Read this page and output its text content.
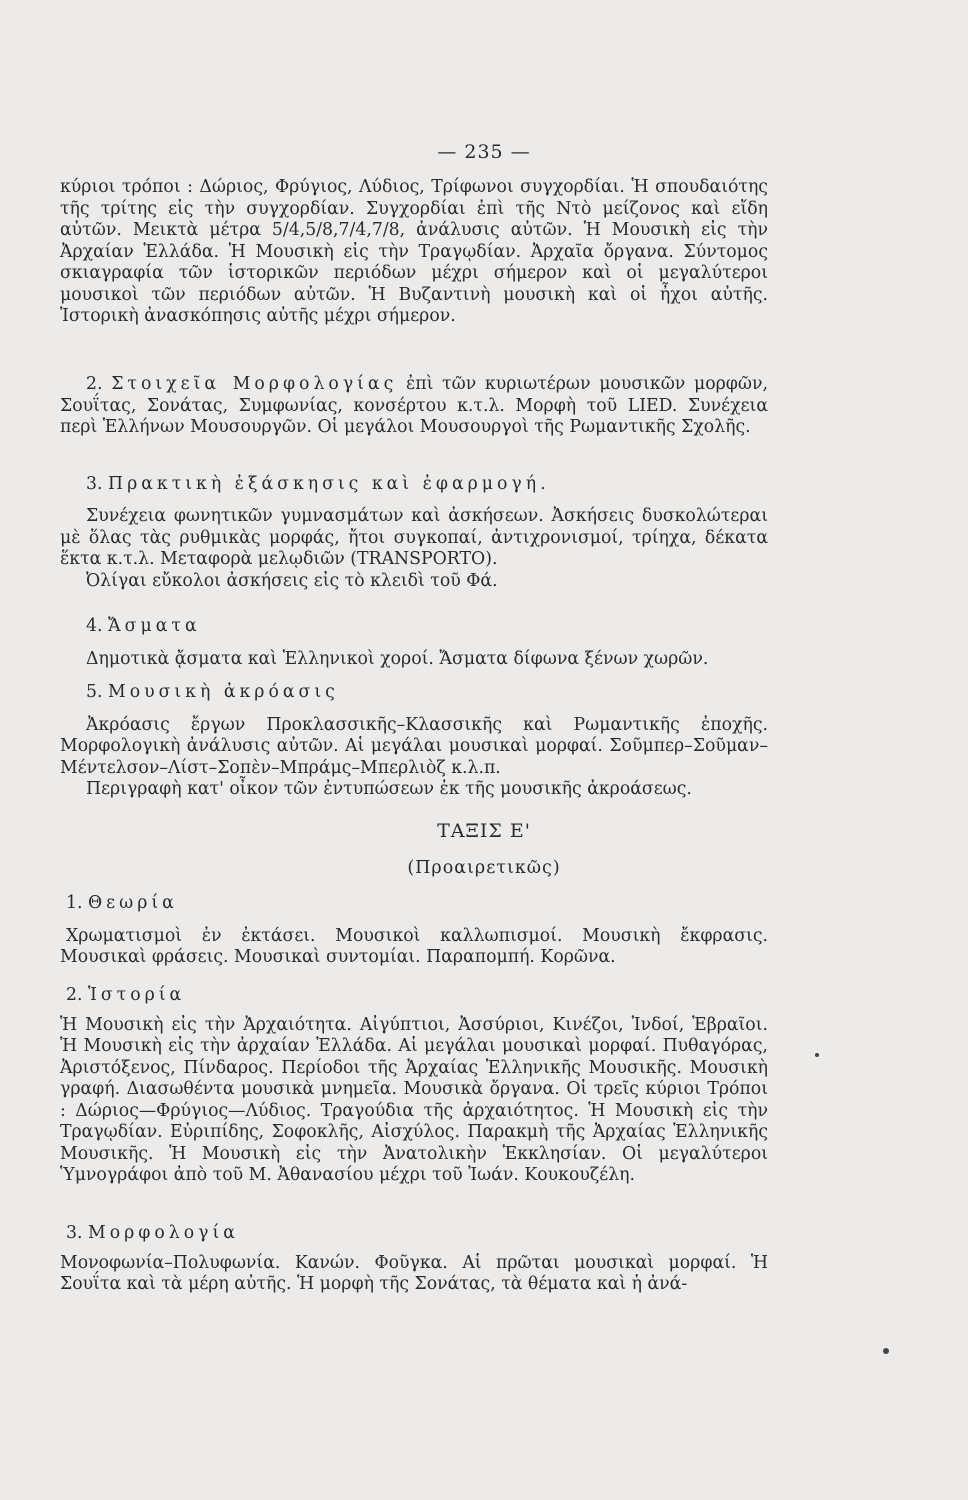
— 235 —

κύριοι τρόποι : Δώριος, Φρύγιος, Λύδιος, Τρίφωνοι συγχορδίαι. Ἡ σπουδαιότης τῆς τρίτης εἰς τὴν συγχορδίαν. Συγχορδίαι ἐπὶ τῆς Ντὸ μείζονος καὶ εἴδη αὐτῶν. Μεικτὰ μέτρα 5/4,5/8,7/4,7/8, ἀνάλυσις αὐτῶν. Ἡ Μουσικὴ εἰς τὴν Ἀρχαίαν Ἑλλάδα. Ἡ Μουσικὴ εἰς τὴν Τραγῳδίαν. Ἀρχαῖα ὄργανα. Σύντομος σκιαγραφία τῶν ἱστορικῶν περιόδων μέχρι σήμερον καὶ οἱ μεγαλύτεροι μουσικοὶ τῶν περιόδων αὐτῶν. Ἡ Βυζαντινὴ μουσικὴ καὶ οἱ ἦχοι αὐτῆς. Ἱστορικὴ ἀνασκόπησις αὐτῆς μέχρι σήμερον.

2. Στοιχεῖα Μορφολογίας ἐπὶ τῶν κυριωτέρων μουσικῶν μορφῶν, Σουΐτας, Σονάτας, Συμφωνίας, κονσέρτου κ.τ.λ. Μορφὴ τοῦ LIED. Συνέχεια περὶ Ἑλλήνων Μουσουργῶν. Οἱ μεγάλοι Μουσουργοὶ τῆς Ρωμαντικῆς Σχολῆς.

3. Πρακτικὴ ἐξάσκησις καὶ ἐφαρμογή.

Συνέχεια φωνητικῶν γυμνασμάτων καὶ ἀσκήσεων. Ἀσκήσεις δυσκολώτεραι μὲ ὅλας τὰς ρυθμικὰς μορφάς, ἤτοι συγκοπαί, ἀντιχρονισμοί, τρίηχα, δέκατα ἕκτα κ.τ.λ. Μεταφορὰ μελῳδιῶν (TRANSPORTO).

Ὀλίγαι εὔκολοι ἀσκήσεις εἰς τὸ κλειδὶ τοῦ Φά.

4. Ἄσματα

Δημοτικὰ ᾄσματα καὶ Ἑλληνικοὶ χοροί. Ἄσματα δίφωνα ξένων χωρῶν.

5. Μουσικὴ ἀκρόασις

Ἀκρόασις ἔργων Προκλασσικῆς–Κλασσικῆς καὶ Ρωμαντικῆς ἐποχῆς. Μορφολογικὴ ἀνάλυσις αὐτῶν. Αἱ μεγάλαι μουσικαὶ μορφαί. Σοῦμπερ–Σοῦμαν–Μέντελσον–Λίστ–Σοπὲν–Μπράμς–Μπερλιὸζ κ.λ.π.

Περιγραφὴ κατ' οἶκον τῶν ἐντυπώσεων ἐκ τῆς μουσικῆς ἀκροάσεως.

ΤΑΞΙΣ Ε'
(Προαιρετικῶς)

1. Θεωρία

Χρωματισμοὶ ἐν ἐκτάσει. Μουσικοὶ καλλωπισμοί. Μουσικὴ ἔκφρασις. Μουσικαὶ φράσεις. Μουσικαὶ συντομίαι. Παραπομπή. Κορῶνα.

2. Ἱστορία

Ἡ Μουσικὴ εἰς τὴν Ἀρχαιότητα. Αἰγύπτιοι, Ἀσσύριοι, Κινέζοι, Ἰνδοί, Ἑβραῖοι. Ἡ Μουσικὴ εἰς τὴν ἀρχαίαν Ἑλλάδα. Αἱ μεγάλαι μουσικαὶ μορφαί. Πυθαγόρας, Ἀριστόξενος, Πίνδαρος. Περίοδοι τῆς Ἀρχαίας Ἑλληνικῆς Μουσικῆς. Μουσικὴ γραφή. Διασωθέντα μουσικὰ μνημεῖα. Μουσικὰ ὄργανα. Οἱ τρεῖς κύριοι Τρόποι : Δώριος—Φρύγιος—Λύδιος. Τραγούδια τῆς ἀρχαιότητος. Ἡ Μουσικὴ εἰς τὴν Τραγῳδίαν. Εὐριπίδης, Σοφοκλῆς, Αἰσχύλος. Παρακμὴ τῆς Ἀρχαίας Ἑλληνικῆς Μουσικῆς. Ἡ Μουσικὴ εἰς τὴν Ἀνατολικὴν Ἐκκλησίαν. Οἱ μεγαλύτεροι Ὑμνογράφοι ἀπὸ τοῦ Μ. Ἀθανασίου μέχρι τοῦ Ἰωάν. Κουκουζέλη.

3. Μορφολογία

Μονοφωνία–Πολυφωνία. Κανών. Φοῦγκα. Αἱ πρῶται μουσικαὶ μορφαί. Ἡ Σουΐτα καὶ τὰ μέρη αὐτῆς. Ἡ μορφὴ τῆς Σονάτας, τὰ θέματα καὶ ἡ ἀνά-
